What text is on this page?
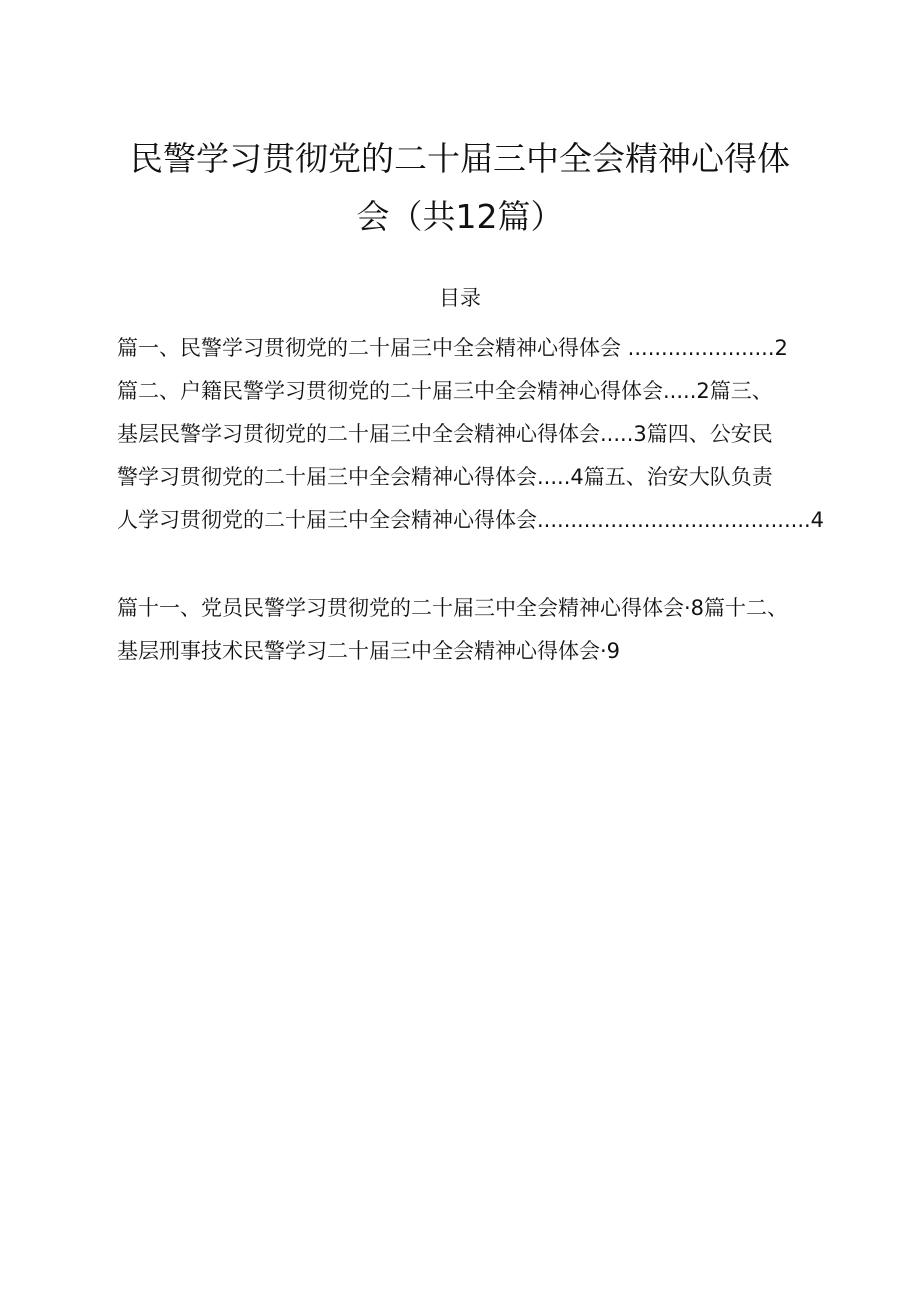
民警学习贯彻党的二十届三中全会精神心得体
会（共12篇）
目录
篇一、民警学习贯彻党的二十届三中全会精神心得体会 ......................2
篇二、户籍民警学习贯彻党的二十届三中全会精神心得体会.....2篇三、
基层民警学习贯彻党的二十届三中全会精神心得体会.....3篇四、公安民
警学习贯彻党的二十届三中全会精神心得体会.....4篇五、治安大队负责
人学习贯彻党的二十届三中全会精神心得体会.........................................4
篇十一、党员民警学习贯彻党的二十届三中全会精神心得体会·8篇十二、
基层刑事技术民警学习二十届三中全会精神心得体会·9
